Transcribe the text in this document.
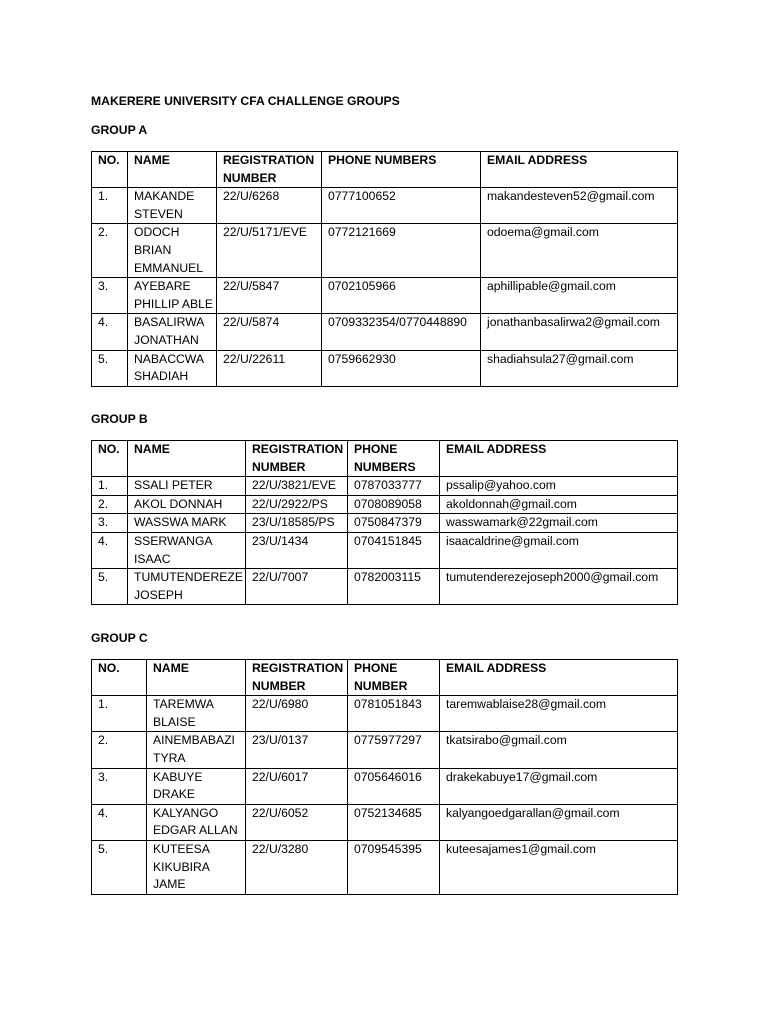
MAKERERE UNIVERSITY CFA CHALLENGE GROUPS
GROUP A
NO.	NAME	REGISTRATION NUMBER	PHONE NUMBERS	EMAIL ADDRESS
1.	MAKANDE STEVEN	22/U/6268	0777100652	makandesteven52@gmail.com
2.	ODOCH BRIAN EMMANUEL	22/U/5171/EVE	0772121669	odoema@gmail.com
3.	AYEBARE PHILLIP ABLE	22/U/5847	0702105966	aphillipable@gmail.com
4.	BASALIRWA JONATHAN	22/U/5874	0709332354/0770448890	jonathanbasalirwa2@gmail.com
5.	NABACCWA SHADIAH	22/U/22611	0759662930	shadiahsula27@gmail.com
GROUP B
NO.	NAME	REGISTRATION NUMBER	PHONE NUMBERS	EMAIL ADDRESS
1.	SSALI PETER	22/U/3821/EVE	0787033777	pssalip@yahoo.com
2.	AKOL DONNAH	22/U/2922/PS	0708089058	akoldonnah@gmail.com
3.	WASSWA MARK	23/U/18585/PS	0750847379	wasswamark@22gmail.com
4.	SSERWANGA ISAAC	23/U/1434	0704151845	isaacaldrine@gmail.com
5.	TUMUTENDEREZE JOSEPH	22/U/7007	0782003115	tumutenderezejoseph2000@gmail.com
GROUP C
NO.	NAME	REGISTRATION NUMBER	PHONE NUMBER	EMAIL ADDRESS
1.	TAREMWA BLAISE	22/U/6980	0781051843	taremwablaise28@gmail.com
2.	AINEMBABAZI TYRA	23/U/0137	0775977297	tkatsirabo@gmail.com
3.	KABUYE DRAKE	22/U/6017	0705646016	drakekabuye17@gmail.com
4.	KALYANGO EDGAR ALLAN	22/U/6052	0752134685	kalyangoedgarallan@gmail.com
5.	KUTEESA KIKUBIRA JAME	22/U/3280	0709545395	kuteesajames1@gmail.com
